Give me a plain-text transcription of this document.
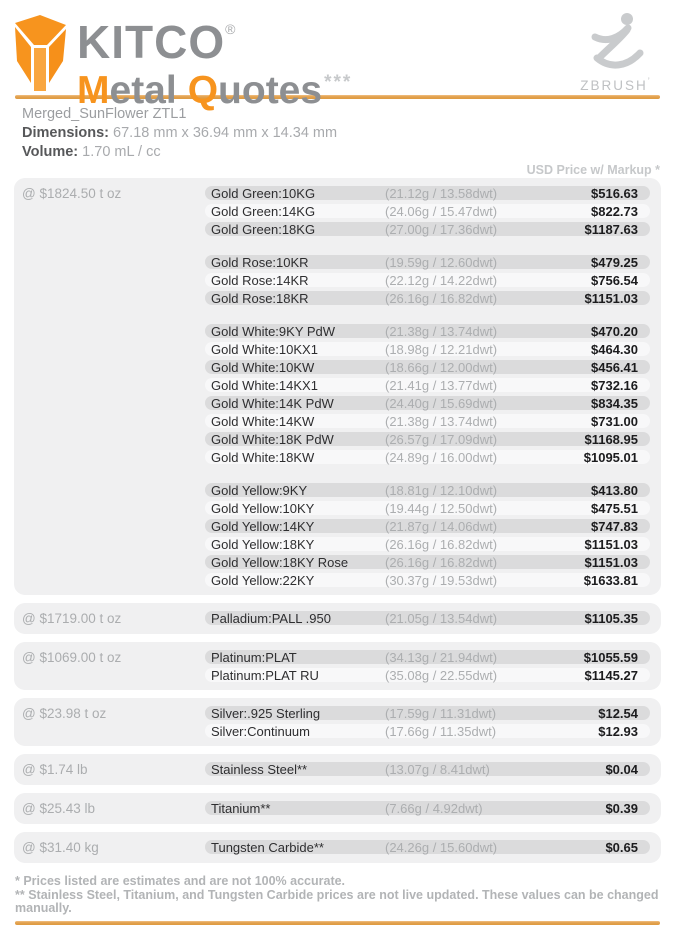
KITCO®
Metal Quotes ***	ZBRUSH’
Merged_SunFlower ZTL1
Dimensions: 67.18 mm x 36.94 mm x 14.34 mm
Volume: 1.70 mL / cc
USD Price w/ Markup *
@ $1824.50 t oz	Gold Green:10KG	(21.12g / 13.58dwt)	$516.63
Gold Green:14KG	(24.06g / 15.47dwt)	$822.73
Gold Green:18KG	(27.00g / 17.36dwt)	$1187.63
Gold Rose:10KR	(19.59g / 12.60dwt)	$479.25
Gold Rose:14KR	(22.12g / 14.22dwt)	$756.54
Gold Rose:18KR	(26.16g / 16.82dwt)	$1151.03
Gold White:9KY PdW	(21.38g / 13.74dwt)	$470.20
Gold White:10KX1	(18.98g / 12.21dwt)	$464.30
Gold White:10KW	(18.66g / 12.00dwt)	$456.41
Gold White:14KX1	(21.41g / 13.77dwt)	$732.16
Gold White:14K PdW	(24.40g / 15.69dwt)	$834.35
Gold White:14KW	(21.38g / 13.74dwt)	$731.00
Gold White:18K PdW	(26.57g / 17.09dwt)	$1168.95
Gold White:18KW	(24.89g / 16.00dwt)	$1095.01
Gold Yellow:9KY	(18.81g / 12.10dwt)	$413.80
Gold Yellow:10KY	(19.44g / 12.50dwt)	$475.51
Gold Yellow:14KY	(21.87g / 14.06dwt)	$747.83
Gold Yellow:18KY	(26.16g / 16.82dwt)	$1151.03
Gold Yellow:18KY Rose	(26.16g / 16.82dwt)	$1151.03
Gold Yellow:22KY	(30.37g / 19.53dwt)	$1633.81
@ $1719.00 t oz	Palladium:PALL .950	(21.05g / 13.54dwt)	$1105.35
@ $1069.00 t oz	Platinum:PLAT	(34.13g / 21.94dwt)	$1055.59
Platinum:PLAT RU	(35.08g / 22.55dwt)	$1145.27
@ $23.98 t oz	Silver:.925 Sterling	(17.59g / 11.31dwt)	$12.54
Silver:Continuum	(17.66g / 11.35dwt)	$12.93
@ $1.74 lb	Stainless Steel**	(13.07g / 8.41dwt)	$0.04
@ $25.43 lb	Titanium**	(7.66g / 4.92dwt)	$0.39
@ $31.40 kg	Tungsten Carbide**	(24.26g / 15.60dwt)	$0.65
* Prices listed are estimates and are not 100% accurate.
** Stainless Steel, Titanium, and Tungsten Carbide prices are not live updated. These values can be changed manually.
